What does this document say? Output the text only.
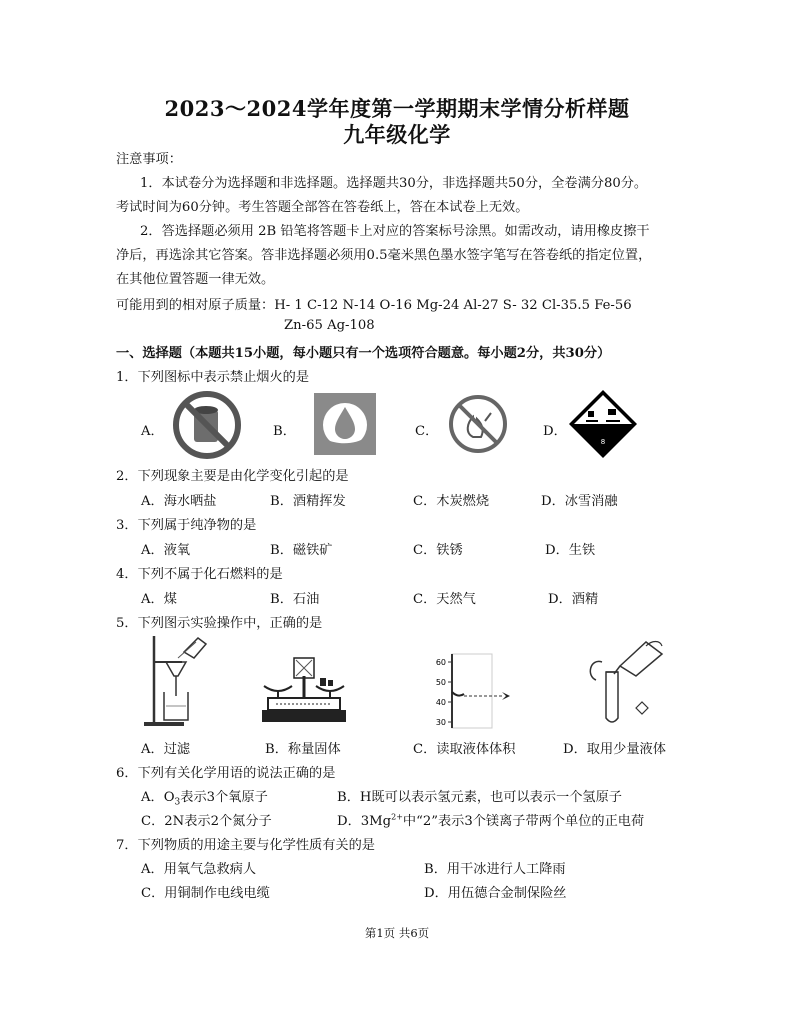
2023～2024学年度第一学期期末学情分析样题
九年级化学
注意事项：
1．本试卷分为选择题和非选择题。选择题共30分，非选择题共50分，全卷满分80分。
考试时间为60分钟。考生答题全部答在答卷纸上，答在本试卷上无效。
2．答选择题必须用 2B 铅笔将答题卡上对应的答案标号涂黑。如需改动，请用橡皮擦干
净后，再选涂其它答案。答非选择题必须用0.5毫米黑色墨水签字笔写在答卷纸的指定位置，
在其他位置答题一律无效。
可能用到的相对原子质量：H- 1 C-12 N-14 O-16 Mg-24 Al-27 S- 32 Cl-35.5 Fe-56
Zn-65 Ag-108
一、选择题（本题共15小题，每小题只有一个选项符合题意。每小题2分，共30分）
1．下列图标中表示禁止烟火的是
A．	B．	C．	D．
8
2．下列现象主要是由化学变化引起的是
A．海水晒盐	B．酒精挥发	C．木炭燃烧	D．冰雪消融
3．下列属于纯净物的是
A．液氧	B．磁铁矿	C．铁锈	D．生铁
4．下列不属于化石燃料的是
A．煤	B．石油	C．天然气	D．酒精
5．下列图示实验操作中，正确的是
60
50
40
30
A．过滤	B．称量固体	C．读取液体体积	D．取用少量液体
6．下列有关化学用语的说法正确的是
A．$O_3$表示3个氧原子	B．H既可以表示氢元素，也可以表示一个氢原子
C．2N表示2个氮分子	D．$3Mg^{2+}$中“2”表示3个镁离子带两个单位的正电荷
7．下列物质的用途主要与化学性质有关的是
A．用氧气急救病人	B．用干冰进行人工降雨
C．用铜制作电线电缆	D．用伍德合金制保险丝
第1页 共6页
